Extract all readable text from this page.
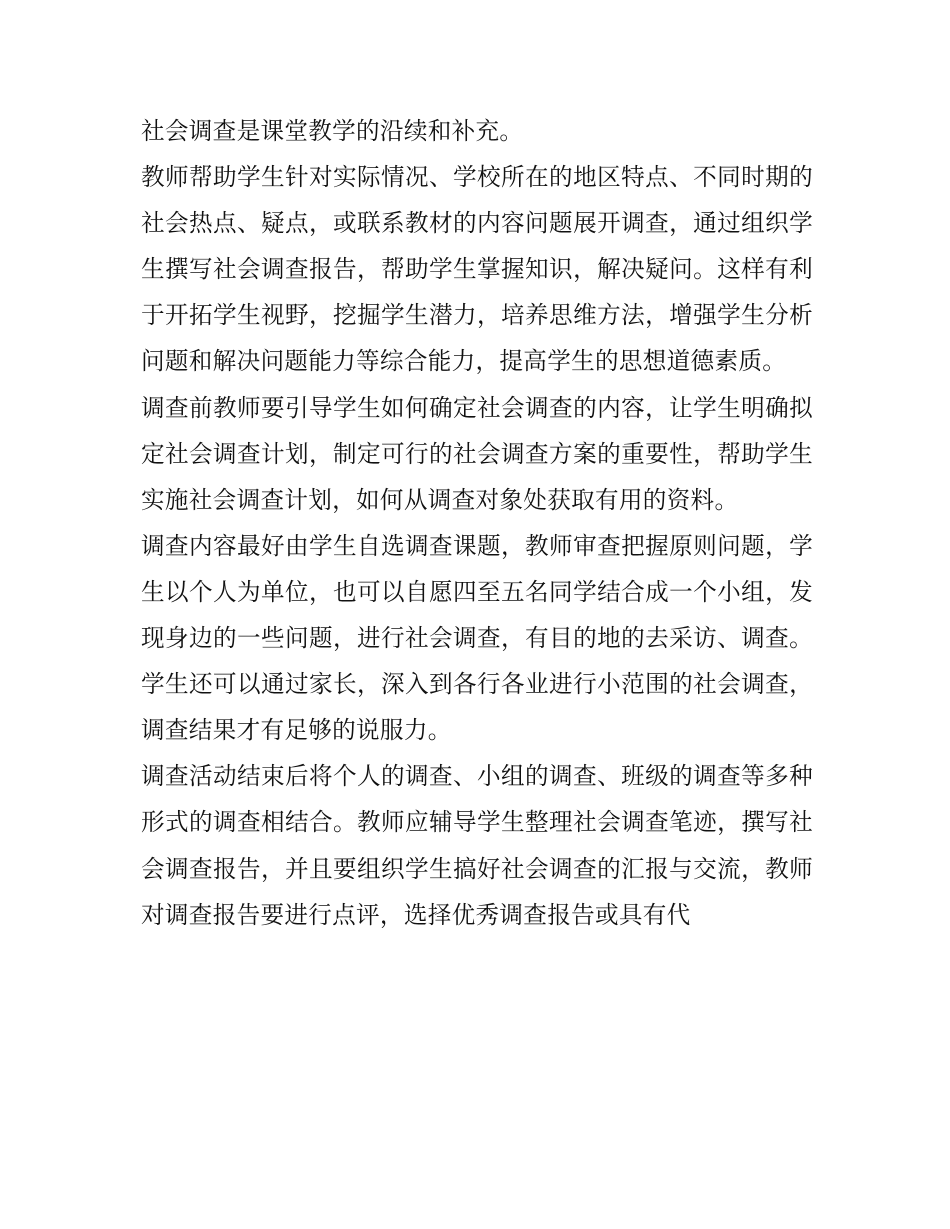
社会调查是课堂教学的沿续和补充。

教师帮助学生针对实际情况、学校所在的地区特点、不同时期的社会热点、疑点，或联系教材的内容问题展开调查，通过组织学生撰写社会调查报告，帮助学生掌握知识，解决疑问。这样有利于开拓学生视野，挖掘学生潜力，培养思维方法，增强学生分析问题和解决问题能力等综合能力，提高学生的思想道德素质。

调查前教师要引导学生如何确定社会调查的内容，让学生明确拟定社会调查计划，制定可行的社会调查方案的重要性，帮助学生实施社会调查计划，如何从调查对象处获取有用的资料。

调查内容最好由学生自选调查课题，教师审查把握原则问题，学生以个人为单位，也可以自愿四至五名同学结合成一个小组，发现身边的一些问题，进行社会调查，有目的地的去采访、调查。学生还可以通过家长，深入到各行各业进行小范围的社会调查，调查结果才有足够的说服力。

调查活动结束后将个人的调查、小组的调查、班级的调查等多种形式的调查相结合。教师应辅导学生整理社会调查笔迹，撰写社会调查报告，并且要组织学生搞好社会调查的汇报与交流，教师对调查报告要进行点评，选择优秀调查报告或具有代
